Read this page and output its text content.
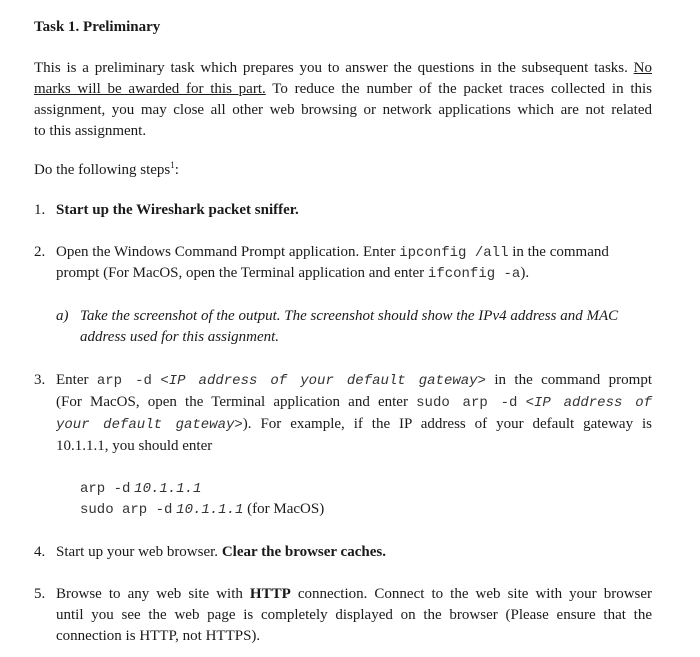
Task 1. Preliminary
This is a preliminary task which prepares you to answer the questions in the subsequent tasks. No
marks will be awarded for this part. To reduce the number of the packet traces collected in this
assignment, you may close all other web browsing or network applications which are not related
to this assignment.
Do the following steps$^1$:
1. Start up the Wireshark packet sniffer.
2. Open the Windows Command Prompt application. Enter ipconfig /all in the command
prompt (For MacOS, open the Terminal application and enter ifconfig -a).
a) Take the screenshot of the output. The screenshot should show the IPv4 address and MAC
address used for this assignment.
3. Enter arp -d <IP address of your default gateway> in the command prompt
(For MacOS, open the Terminal application and enter sudo arp -d <IP address of
your default gateway>). For example, if the IP address of your default gateway is
10.1.1.1, you should enter
arp -d 10.1.1.1
sudo arp -d 10.1.1.1 (for MacOS)
4. Start up your web browser. Clear the browser caches.
5. Browse to any web site with HTTP connection. Connect to the web site with your browser
until you see the web page is completely displayed on the browser (Please ensure that the
connection is HTTP, not HTTPS).
